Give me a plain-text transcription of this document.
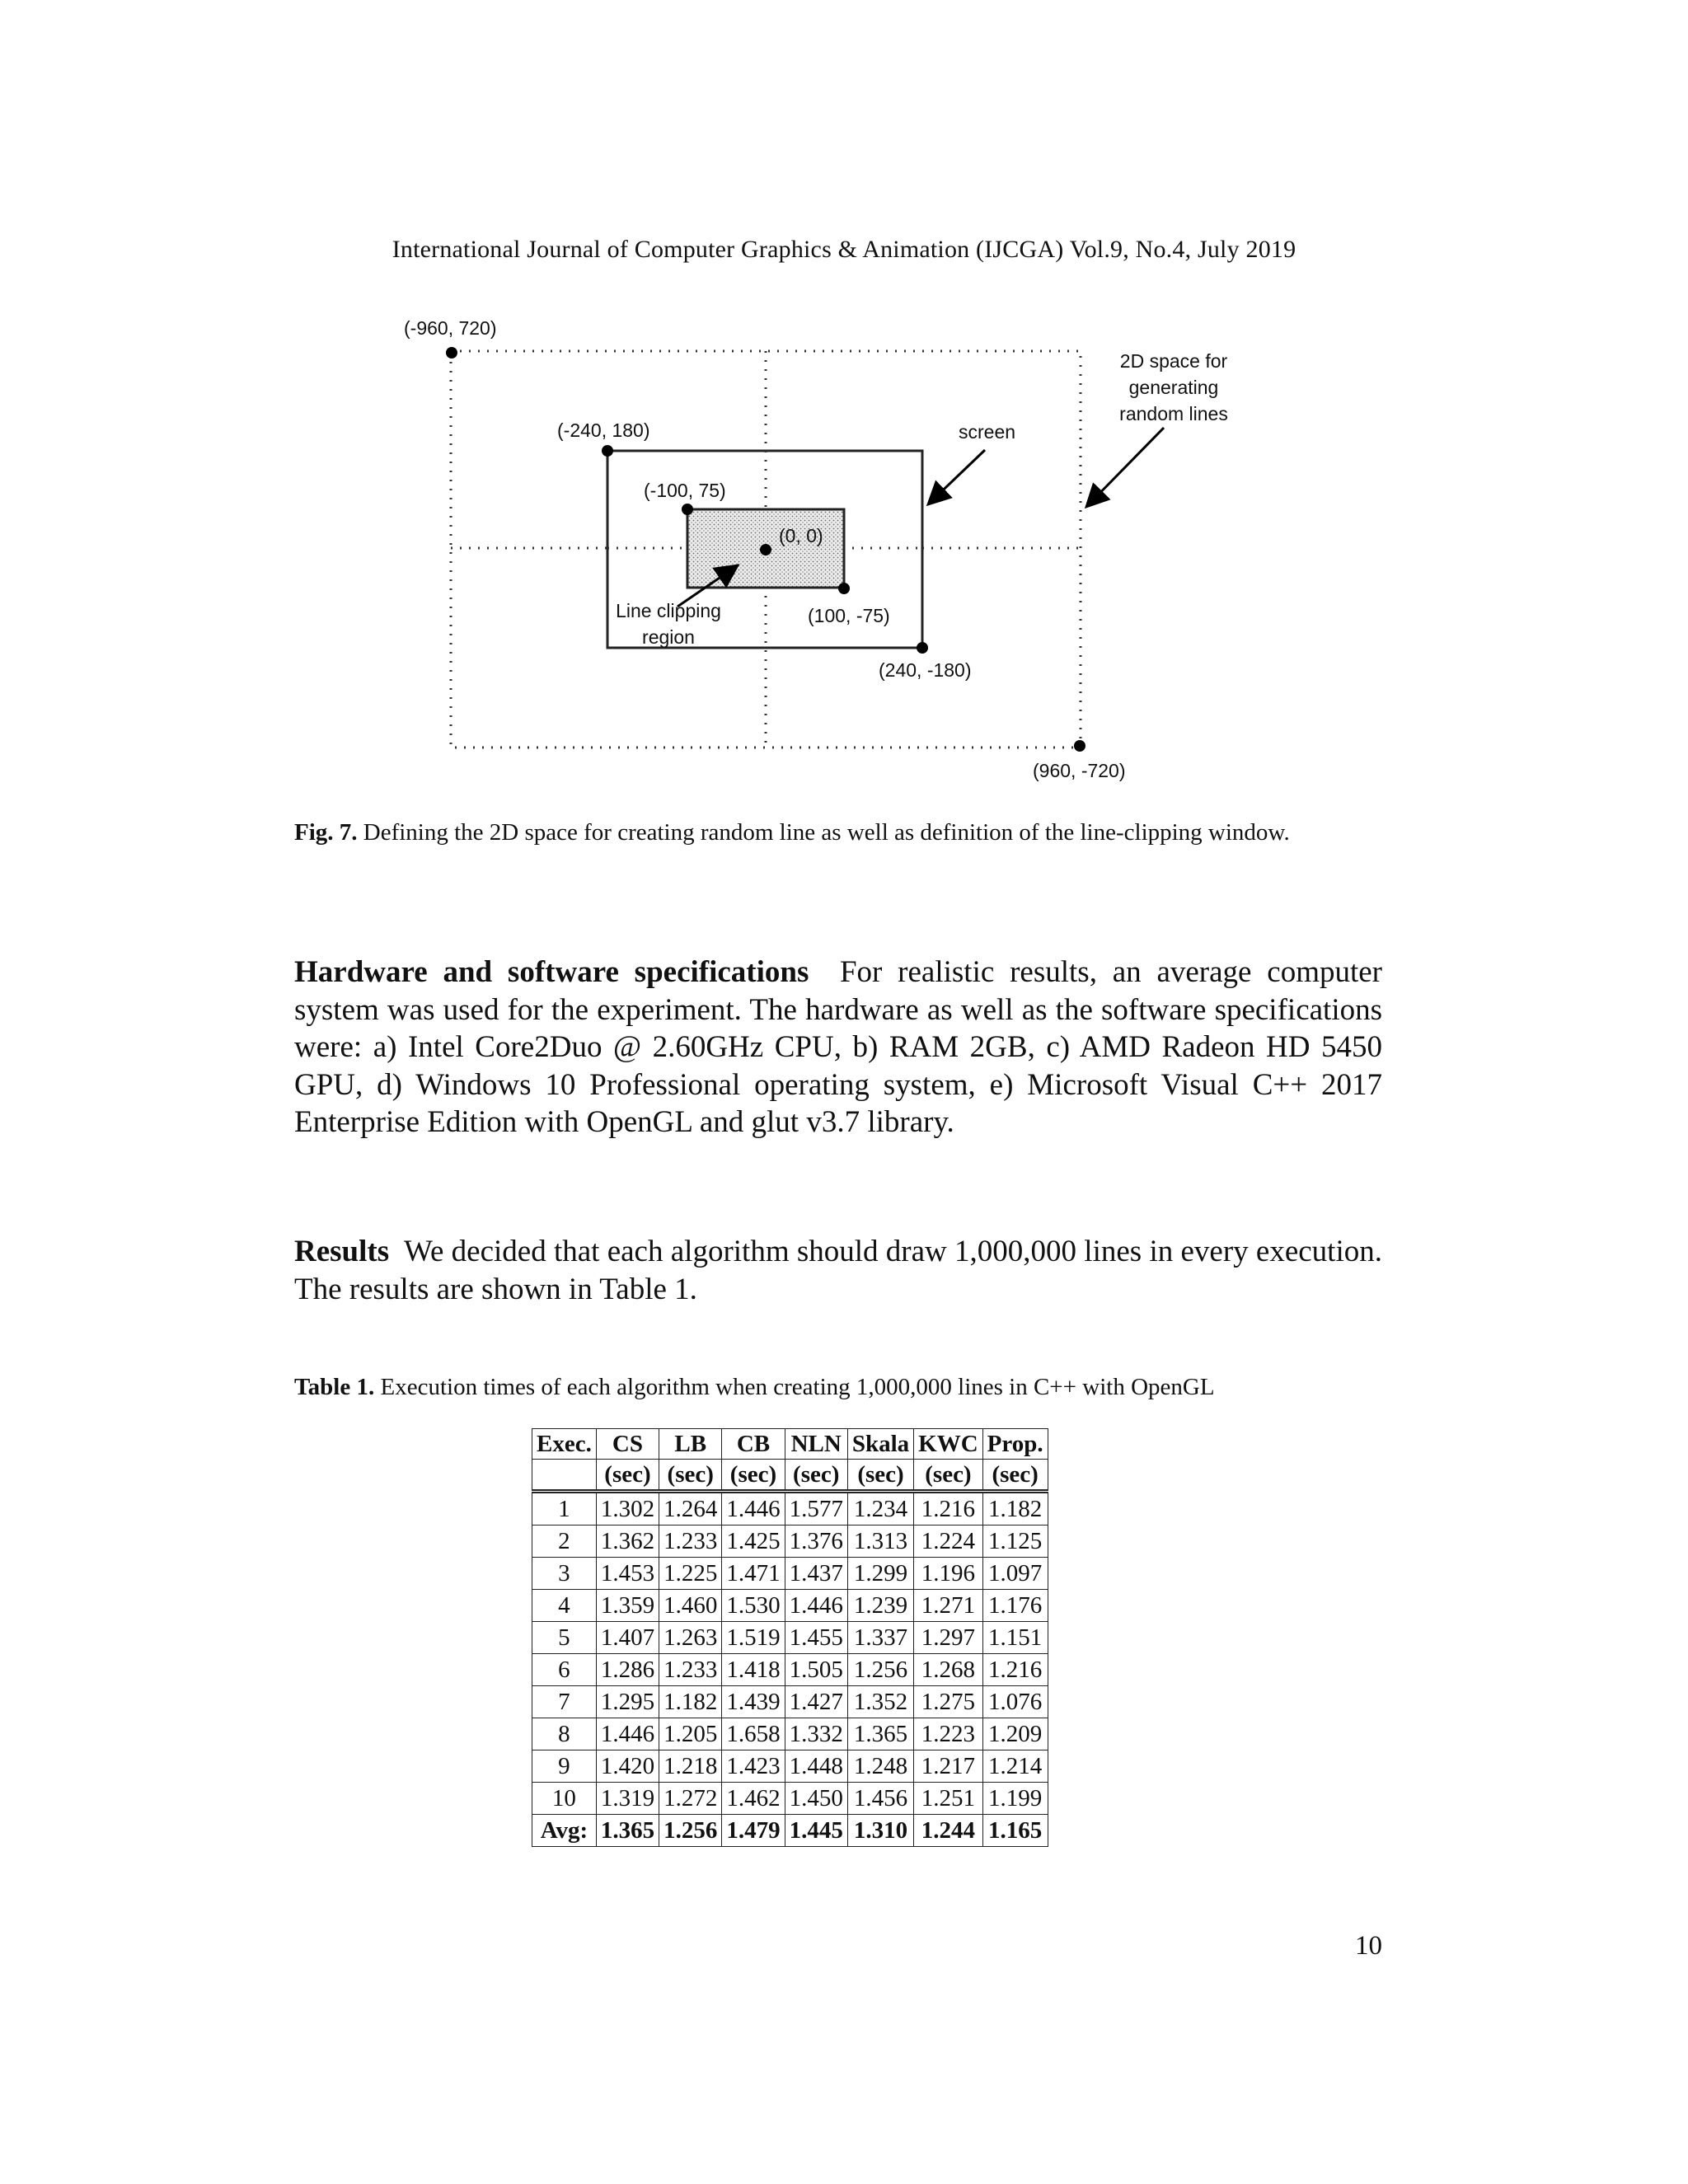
International Journal of Computer Graphics & Animation (IJCGA) Vol.9, No.4, July 2019
(-960, 720)
(960, -720)
(-240, 180)
(240, -180)
(-100, 75)
(100, -75)
(0, 0)
screen
2D space for
generating
random lines
Line clipping
region
Fig. 7. Defining the 2D space for creating random line as well as definition of the line-clipping window.
Hardware and software specifications For realistic results, an average computer system was used for the experiment. The hardware as well as the software specifications were: a) Intel Core2Duo @ 2.60GHz CPU, b) RAM 2GB, c) AMD Radeon HD 5450 GPU, d) Windows 10 Professional operating system, e) Microsoft Visual C++ 2017 Enterprise Edition with OpenGL and glut v3.7 library.
Results We decided that each algorithm should draw 1,000,000 lines in every execution. The results are shown in Table 1.
Table 1. Execution times of each algorithm when creating 1,000,000 lines in C++ with OpenGL
Exec.	CS	LB	CB	NLN	Skala	KWC	Prop.
	(sec)	(sec)	(sec)	(sec)	(sec)	(sec)	(sec)
1	1.302	1.264	1.446	1.577	1.234	1.216	1.182
2	1.362	1.233	1.425	1.376	1.313	1.224	1.125
3	1.453	1.225	1.471	1.437	1.299	1.196	1.097
4	1.359	1.460	1.530	1.446	1.239	1.271	1.176
5	1.407	1.263	1.519	1.455	1.337	1.297	1.151
6	1.286	1.233	1.418	1.505	1.256	1.268	1.216
7	1.295	1.182	1.439	1.427	1.352	1.275	1.076
8	1.446	1.205	1.658	1.332	1.365	1.223	1.209
9	1.420	1.218	1.423	1.448	1.248	1.217	1.214
10	1.319	1.272	1.462	1.450	1.456	1.251	1.199
Avg:	1.365	1.256	1.479	1.445	1.310	1.244	1.165
10
